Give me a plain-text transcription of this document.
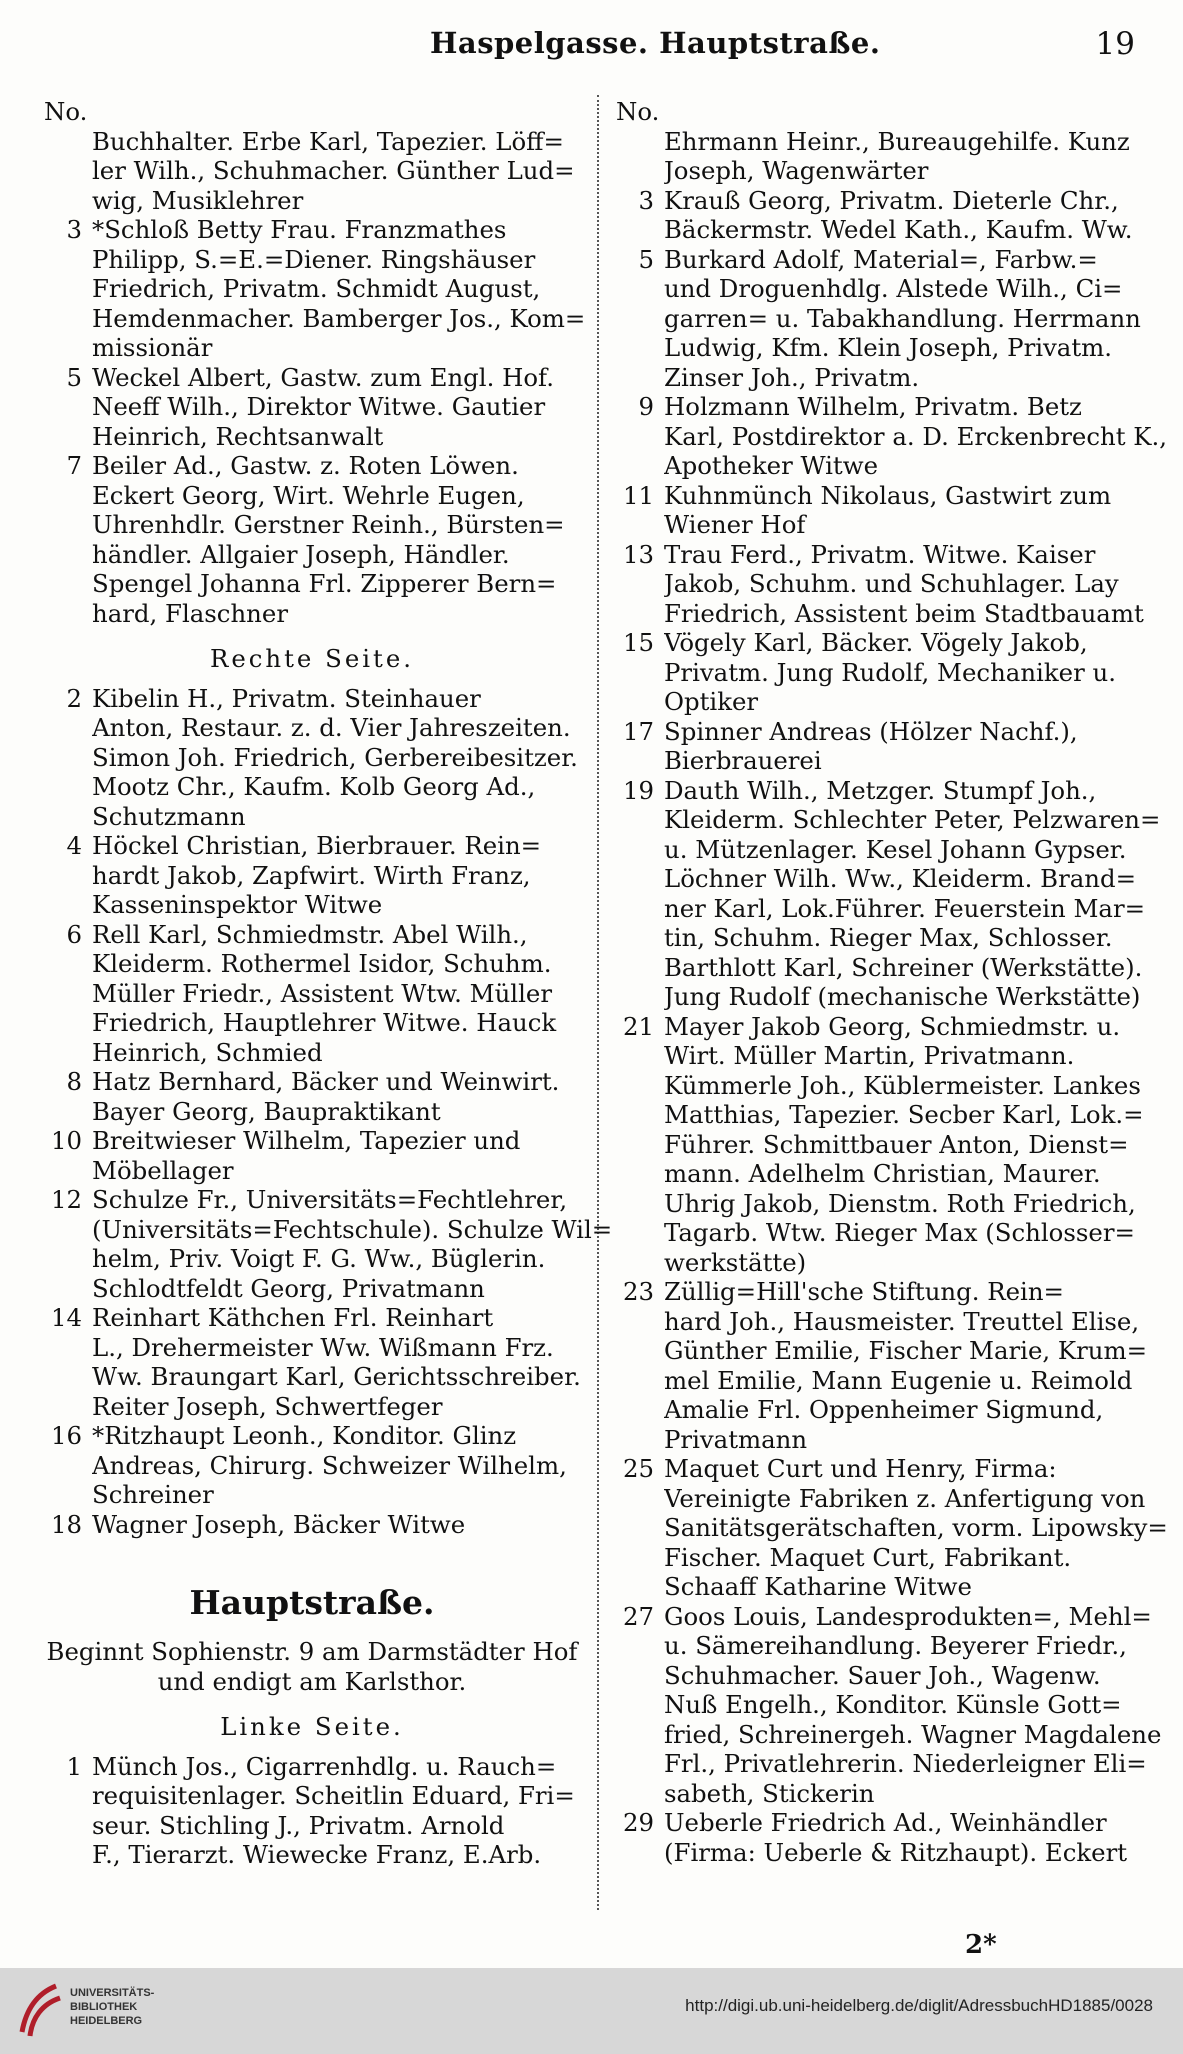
Haspelgasse. Hauptstraße.	19
No.
Buchhalter. Erbe Karl, Tapezier. Löff=
ler Wilh., Schuhmacher. Günther Lud=
wig, Musiklehrer
3 *Schloß Betty Frau. Franzmathes
Philipp, S.=E.=Diener. Ringshäuser
Friedrich, Privatm. Schmidt August,
Hemdenmacher. Bamberger Jos., Kom=
missionär
5 Weckel Albert, Gastw. zum Engl. Hof.
Neeff Wilh., Direktor Witwe. Gautier
Heinrich, Rechtsanwalt
7 Beiler Ad., Gastw. z. Roten Löwen.
Eckert Georg, Wirt. Wehrle Eugen,
Uhrenhdlr. Gerstner Reinh., Bürsten=
händler. Allgaier Joseph, Händler.
Spengel Johanna Frl. Zipperer Bern=
hard, Flaschner
Rechte Seite.
2 Kibelin H., Privatm. Steinhauer
Anton, Restaur. z. d. Vier Jahreszeiten.
Simon Joh. Friedrich, Gerbereibesitzer.
Mootz Chr., Kaufm. Kolb Georg Ad.,
Schutzmann
4 Höckel Christian, Bierbrauer. Rein=
hardt Jakob, Zapfwirt. Wirth Franz,
Kasseninspektor Witwe
6 Rell Karl, Schmiedmstr. Abel Wilh.,
Kleiderm. Rothermel Isidor, Schuhm.
Müller Friedr., Assistent Wtw. Müller
Friedrich, Hauptlehrer Witwe. Hauck
Heinrich, Schmied
8 Hatz Bernhard, Bäcker und Weinwirt.
Bayer Georg, Baupraktikant
10 Breitwieser Wilhelm, Tapezier und
Möbellager
12 Schulze Fr., Universitäts=Fechtlehrer,
(Universitäts=Fechtschule). Schulze Wil=
helm, Priv. Voigt F. G. Ww., Büglerin.
Schlodtfeldt Georg, Privatmann
14 Reinhart Käthchen Frl. Reinhart
L., Drehermeister Ww. Wißmann Frz.
Ww. Braungart Karl, Gerichtsschreiber.
Reiter Joseph, Schwertfeger
16 *Ritzhaupt Leonh., Konditor. Glinz
Andreas, Chirurg. Schweizer Wilhelm,
Schreiner
18 Wagner Joseph, Bäcker Witwe
Hauptstraße.
Beginnt Sophienstr. 9 am Darmstädter Hof
und endigt am Karlsthor.
Linke Seite.
1 Münch Jos., Cigarrenhdlg. u. Rauch=
requisitenlager. Scheitlin Eduard, Fri=
seur. Stichling J., Privatm. Arnold
F., Tierarzt. Wiewecke Franz, E.Arb.
No.
Ehrmann Heinr., Bureaugehilfe. Kunz
Joseph, Wagenwärter
3 Krauß Georg, Privatm. Dieterle Chr.,
Bäckermstr. Wedel Kath., Kaufm. Ww.
5 Burkard Adolf, Material=, Farbw.=
und Droguenhdlg. Alstede Wilh., Ci=
garren= u. Tabakhandlung. Herrmann
Ludwig, Kfm. Klein Joseph, Privatm.
Zinser Joh., Privatm.
9 Holzmann Wilhelm, Privatm. Betz
Karl, Postdirektor a. D. Erckenbrecht K.,
Apotheker Witwe
11 Kuhnmünch Nikolaus, Gastwirt zum
Wiener Hof
13 Trau Ferd., Privatm. Witwe. Kaiser
Jakob, Schuhm. und Schuhlager. Lay
Friedrich, Assistent beim Stadtbauamt
15 Vögely Karl, Bäcker. Vögely Jakob,
Privatm. Jung Rudolf, Mechaniker u.
Optiker
17 Spinner Andreas (Hölzer Nachf.),
Bierbrauerei
19 Dauth Wilh., Metzger. Stumpf Joh.,
Kleiderm. Schlechter Peter, Pelzwaren=
u. Mützenlager. Kesel Johann Gypser.
Löchner Wilh. Ww., Kleiderm. Brand=
ner Karl, Lok.Führer. Feuerstein Mar=
tin, Schuhm. Rieger Max, Schlosser.
Barthlott Karl, Schreiner (Werkstätte).
Jung Rudolf (mechanische Werkstätte)
21 Mayer Jakob Georg, Schmiedmstr. u.
Wirt. Müller Martin, Privatmann.
Kümmerle Joh., Küblermeister. Lankes
Matthias, Tapezier. Secber Karl, Lok.=
Führer. Schmittbauer Anton, Dienst=
mann. Adelhelm Christian, Maurer.
Uhrig Jakob, Dienstm. Roth Friedrich,
Tagarb. Wtw. Rieger Max (Schlosser=
werkstätte)
23 Züllig=Hill'sche Stiftung. Rein=
hard Joh., Hausmeister. Treuttel Elise,
Günther Emilie, Fischer Marie, Krum=
mel Emilie, Mann Eugenie u. Reimold
Amalie Frl. Oppenheimer Sigmund,
Privatmann
25 Maquet Curt und Henry, Firma:
Vereinigte Fabriken z. Anfertigung von
Sanitätsgerätschaften, vorm. Lipowsky=
Fischer. Maquet Curt, Fabrikant.
Schaaff Katharine Witwe
27 Goos Louis, Landesprodukten=, Mehl=
u. Sämereihandlung. Beyerer Friedr.,
Schuhmacher. Sauer Joh., Wagenw.
Nuß Engelh., Konditor. Künsle Gott=
fried, Schreinergeh. Wagner Magdalene
Frl., Privatlehrerin. Niederleigner Eli=
sabeth, Stickerin
29 Ueberle Friedrich Ad., Weinhändler
(Firma: Ueberle & Ritzhaupt). Eckert
2*
UNIVERSITÄTS-
BIBLIOTHEK
HEIDELBERG
http://digi.ub.uni-heidelberg.de/diglit/AdressbuchHD1885/0028
